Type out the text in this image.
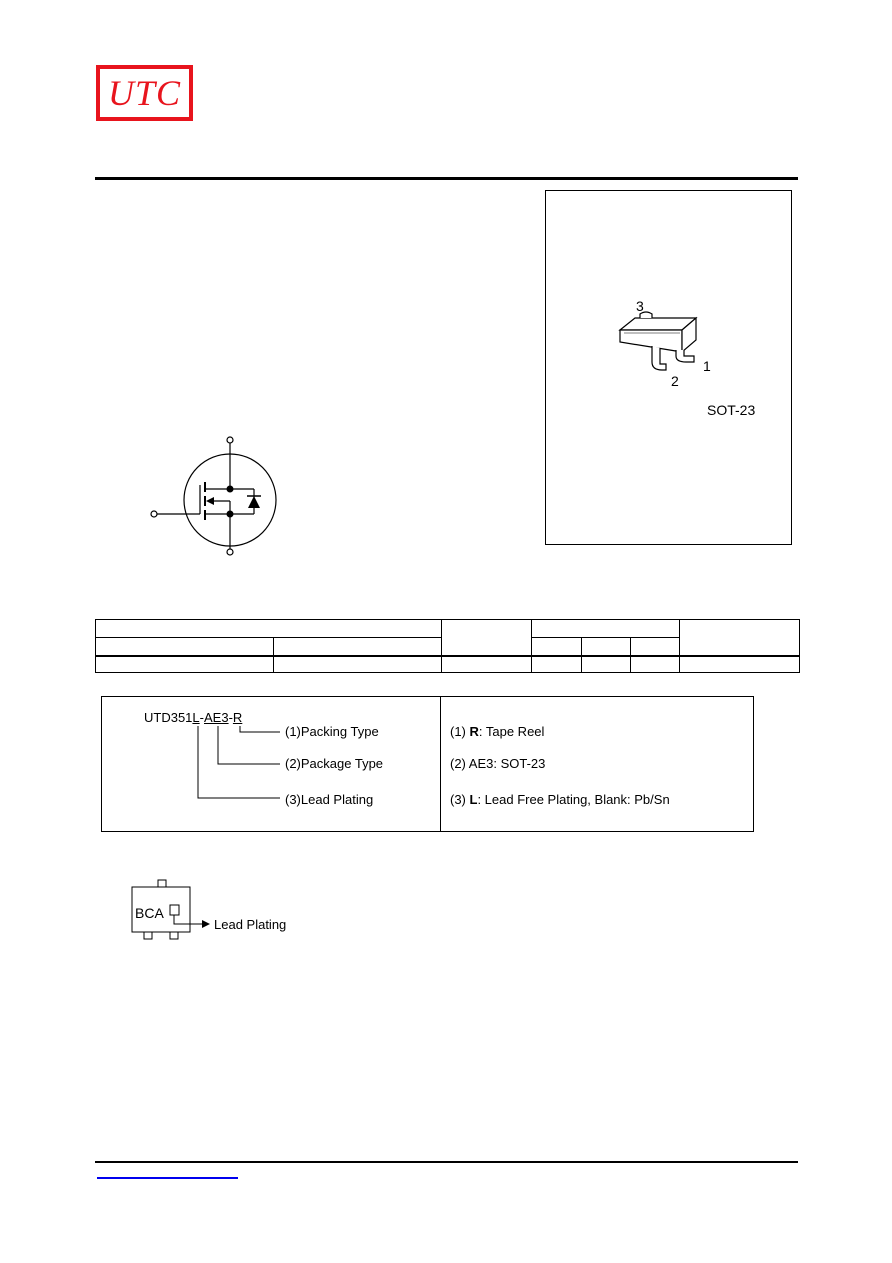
UTC
3
2
1
SOT-23

UTD351L-AE3-R
(1)Packing Type
(2)Package Type
(3)Lead Plating
(1) R: Tape Reel
(2) AE3: SOT-23
(3) L: Lead Free Plating, Blank: Pb/Sn
BCA
Lead Plating
